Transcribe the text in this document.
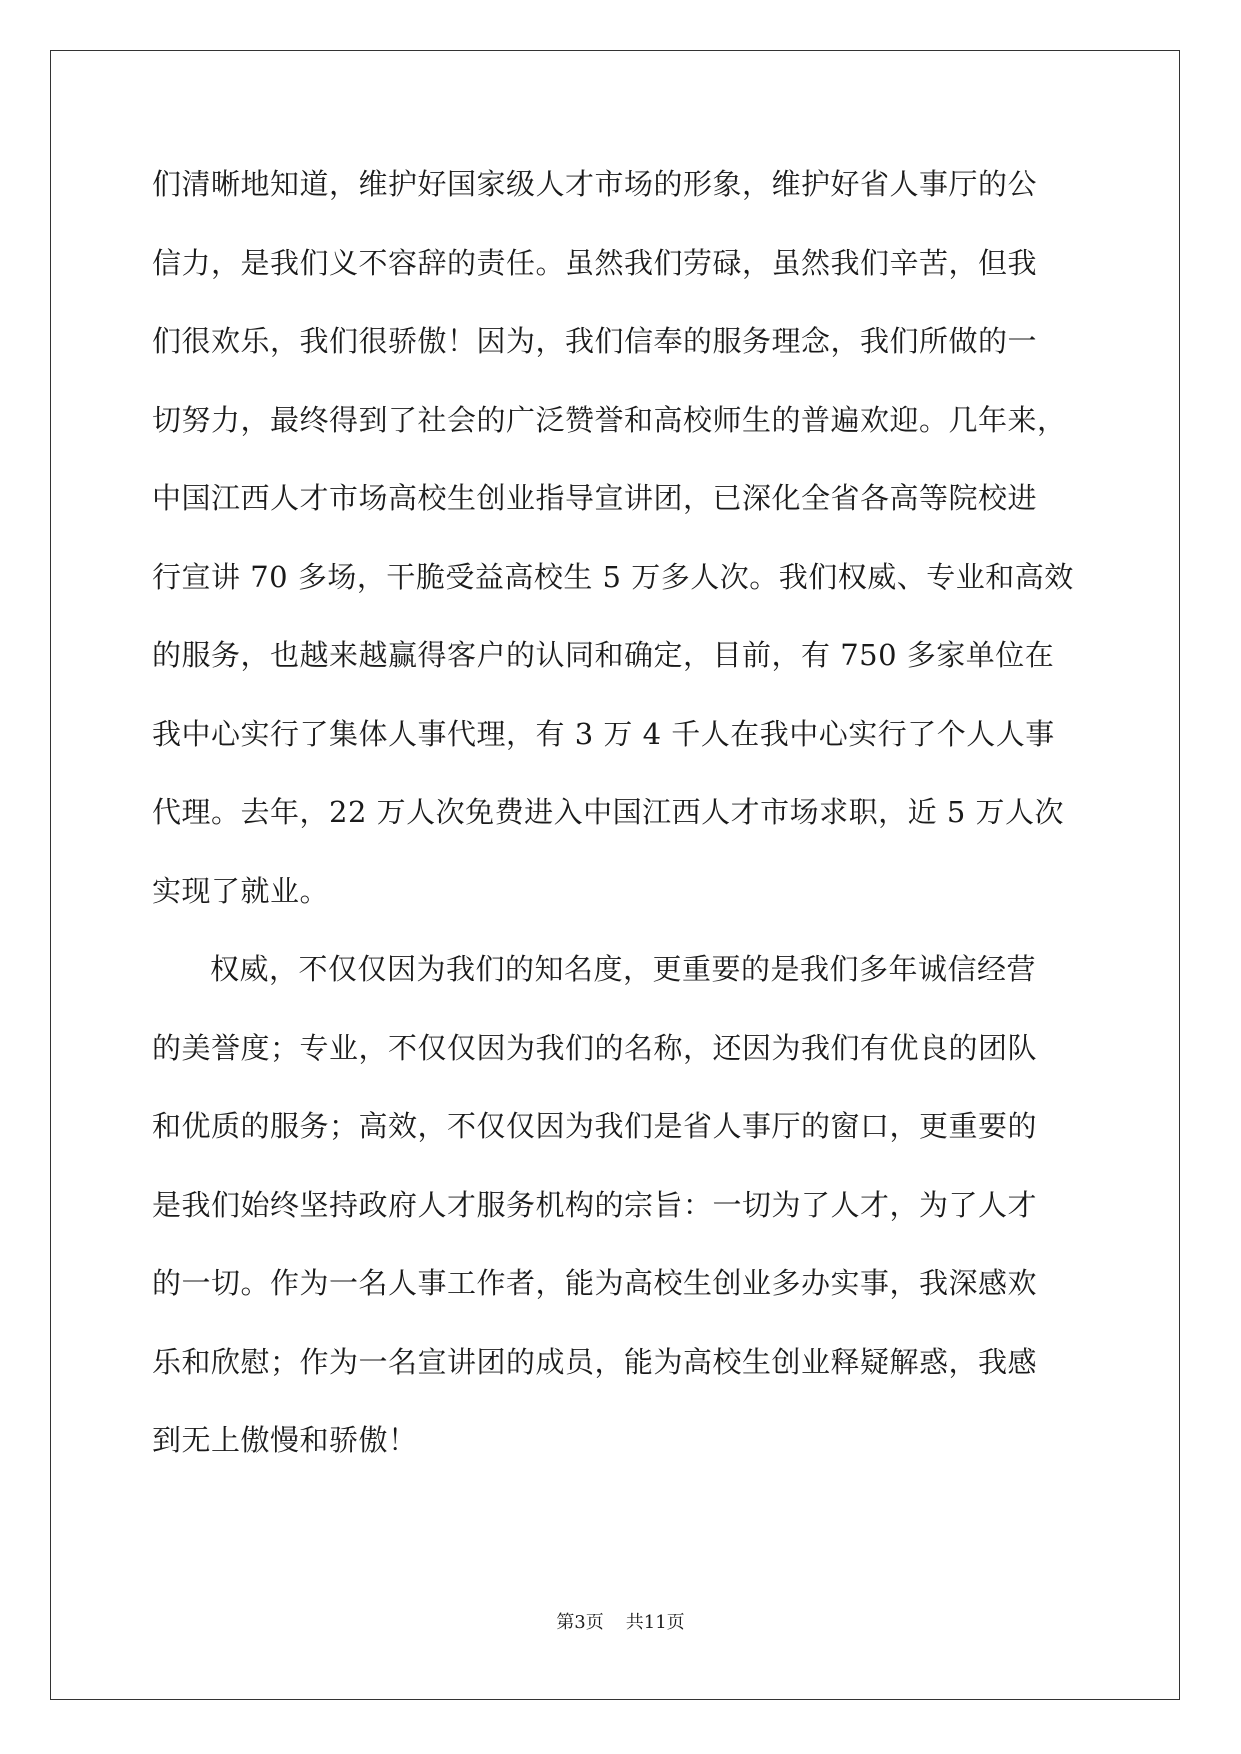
们清晰地知道，维护好国家级人才市场的形象，维护好省人事厅的公
信力，是我们义不容辞的责任。虽然我们劳碌，虽然我们辛苦，但我
们很欢乐，我们很骄傲！因为，我们信奉的服务理念，我们所做的一
切努力，最终得到了社会的广泛赞誉和高校师生的普遍欢迎。几年来，
中国江西人才市场高校生创业指导宣讲团，已深化全省各高等院校进
行宣讲 70 多场，干脆受益高校生 5 万多人次。我们权威、专业和高效
的服务，也越来越赢得客户的认同和确定，目前，有 750 多家单位在
我中心实行了集体人事代理，有 3 万 4 千人在我中心实行了个人人事
代理。去年，22 万人次免费进入中国江西人才市场求职，近 5 万人次
实现了就业。
权威，不仅仅因为我们的知名度，更重要的是我们多年诚信经营
的美誉度；专业，不仅仅因为我们的名称，还因为我们有优良的团队
和优质的服务；高效，不仅仅因为我们是省人事厅的窗口，更重要的
是我们始终坚持政府人才服务机构的宗旨：一切为了人才，为了人才
的一切。作为一名人事工作者，能为高校生创业多办实事，我深感欢
乐和欣慰；作为一名宣讲团的成员，能为高校生创业释疑解惑，我感
到无上傲慢和骄傲！
第3页 共11页
